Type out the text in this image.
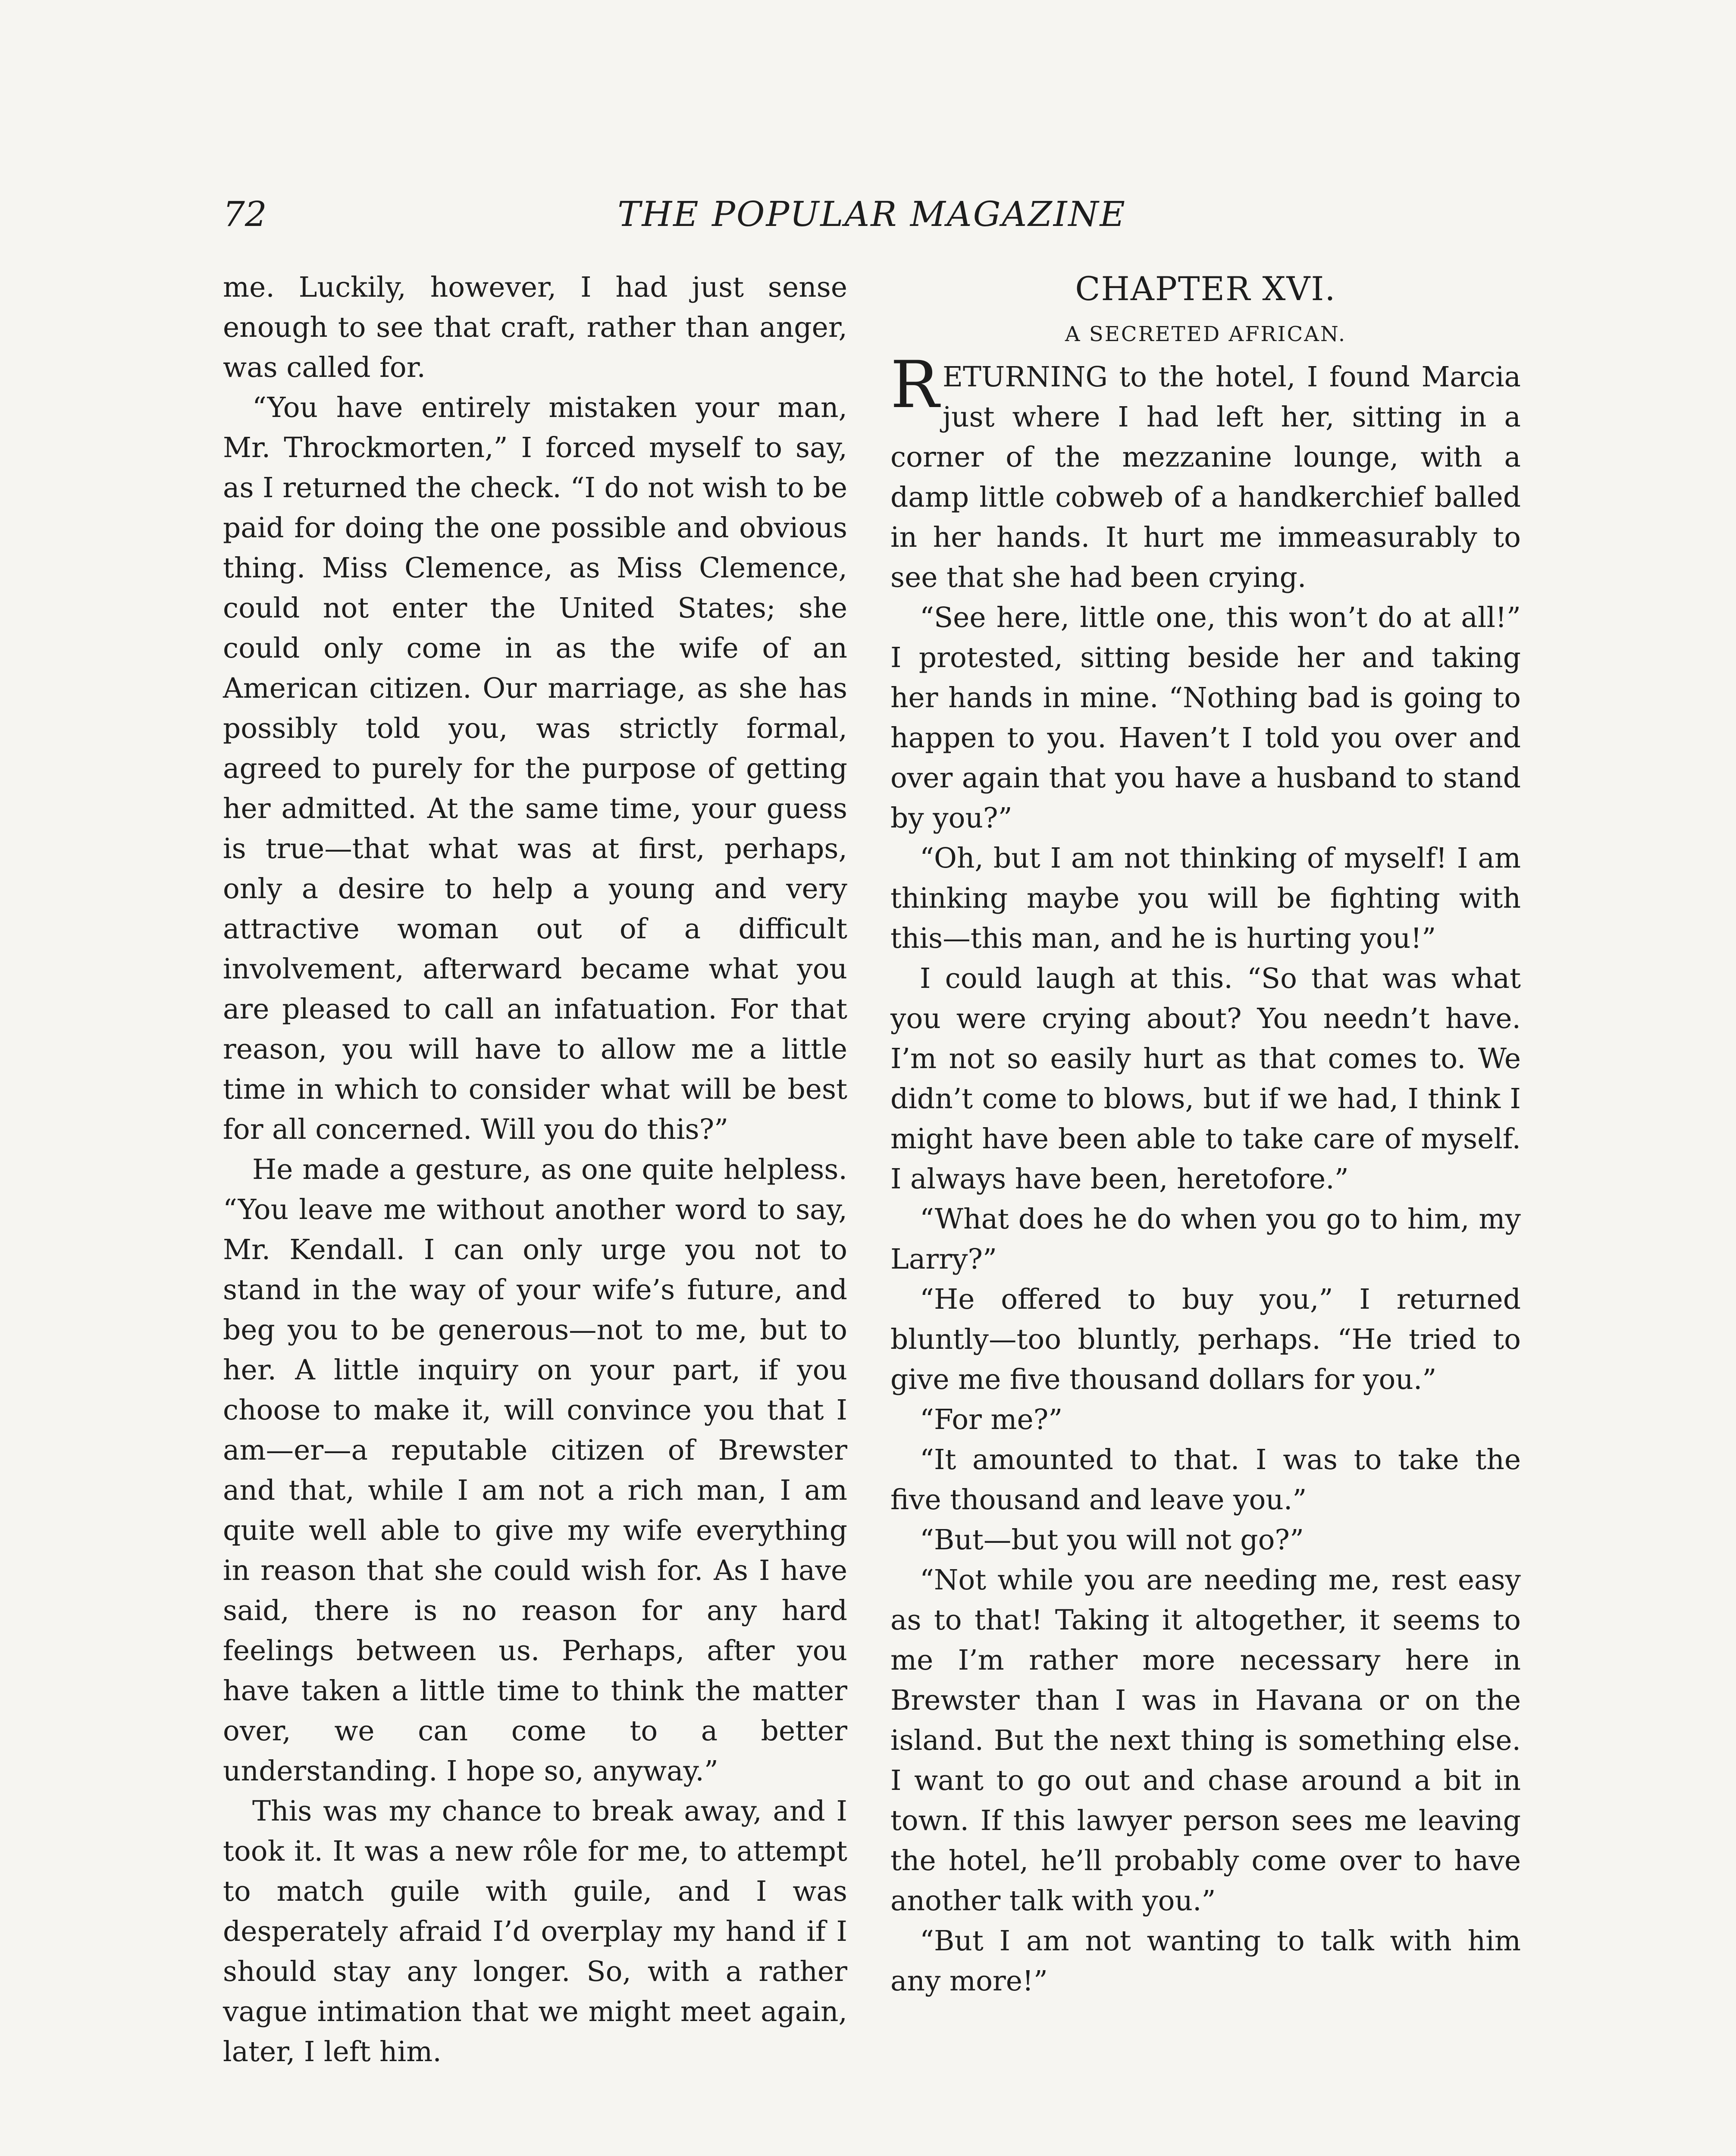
72	THE POPULAR MAGAZINE

me. Luckily, however, I had just sense enough to see that craft, rather than anger, was called for.

“You have entirely mistaken your man, Mr. Throckmorten,” I forced myself to say, as I returned the check. “I do not wish to be paid for doing the one possible and obvious thing. Miss Clemence, as Miss Clemence, could not enter the United States; she could only come in as the wife of an American citizen. Our marriage, as she has possibly told you, was strictly formal, agreed to purely for the purpose of getting her admitted. At the same time, your guess is true—that what was at first, perhaps, only a desire to help a young and very attractive woman out of a difficult involvement, afterward became what you are pleased to call an infatuation. For that reason, you will have to allow me a little time in which to consider what will be best for all concerned. Will you do this?”

He made a gesture, as one quite helpless. “You leave me without another word to say, Mr. Kendall. I can only urge you not to stand in the way of your wife’s future, and beg you to be generous—not to me, but to her. A little inquiry on your part, if you choose to make it, will convince you that I am—er—a reputable citizen of Brewster and that, while I am not a rich man, I am quite well able to give my wife everything in reason that she could wish for. As I have said, there is no reason for any hard feelings between us. Perhaps, after you have taken a little time to think the matter over, we can come to a better understanding. I hope so, anyway.”

This was my chance to break away, and I took it. It was a new rôle for me, to attempt to match guile with guile, and I was desperately afraid I’d overplay my hand if I should stay any longer. So, with a rather vague intimation that we might meet again, later, I left him.

CHAPTER XVI.
A SECRETED AFRICAN.

RETURNING to the hotel, I found Marcia just where I had left her, sitting in a corner of the mezzanine lounge, with a damp little cobweb of a handkerchief balled in her hands. It hurt me immeasurably to see that she had been crying.

“See here, little one, this won’t do at all!” I protested, sitting beside her and taking her hands in mine. “Nothing bad is going to happen to you. Haven’t I told you over and over again that you have a husband to stand by you?”

“Oh, but I am not thinking of myself! I am thinking maybe you will be fighting with this—this man, and he is hurting you!”

I could laugh at this. “So that was what you were crying about? You needn’t have. I’m not so easily hurt as that comes to. We didn’t come to blows, but if we had, I think I might have been able to take care of myself. I always have been, heretofore.”

“What does he do when you go to him, my Larry?”

“He offered to buy you,” I returned bluntly—too bluntly, perhaps. “He tried to give me five thousand dollars for you.”

“For me?”

“It amounted to that. I was to take the five thousand and leave you.”

“But—but you will not go?”

“Not while you are needing me, rest easy as to that! Taking it altogether, it seems to me I’m rather more necessary here in Brewster than I was in Havana or on the island. But the next thing is something else. I want to go out and chase around a bit in town. If this lawyer person sees me leaving the hotel, he’ll probably come over to have another talk with you.”

“But I am not wanting to talk with him any more!”
